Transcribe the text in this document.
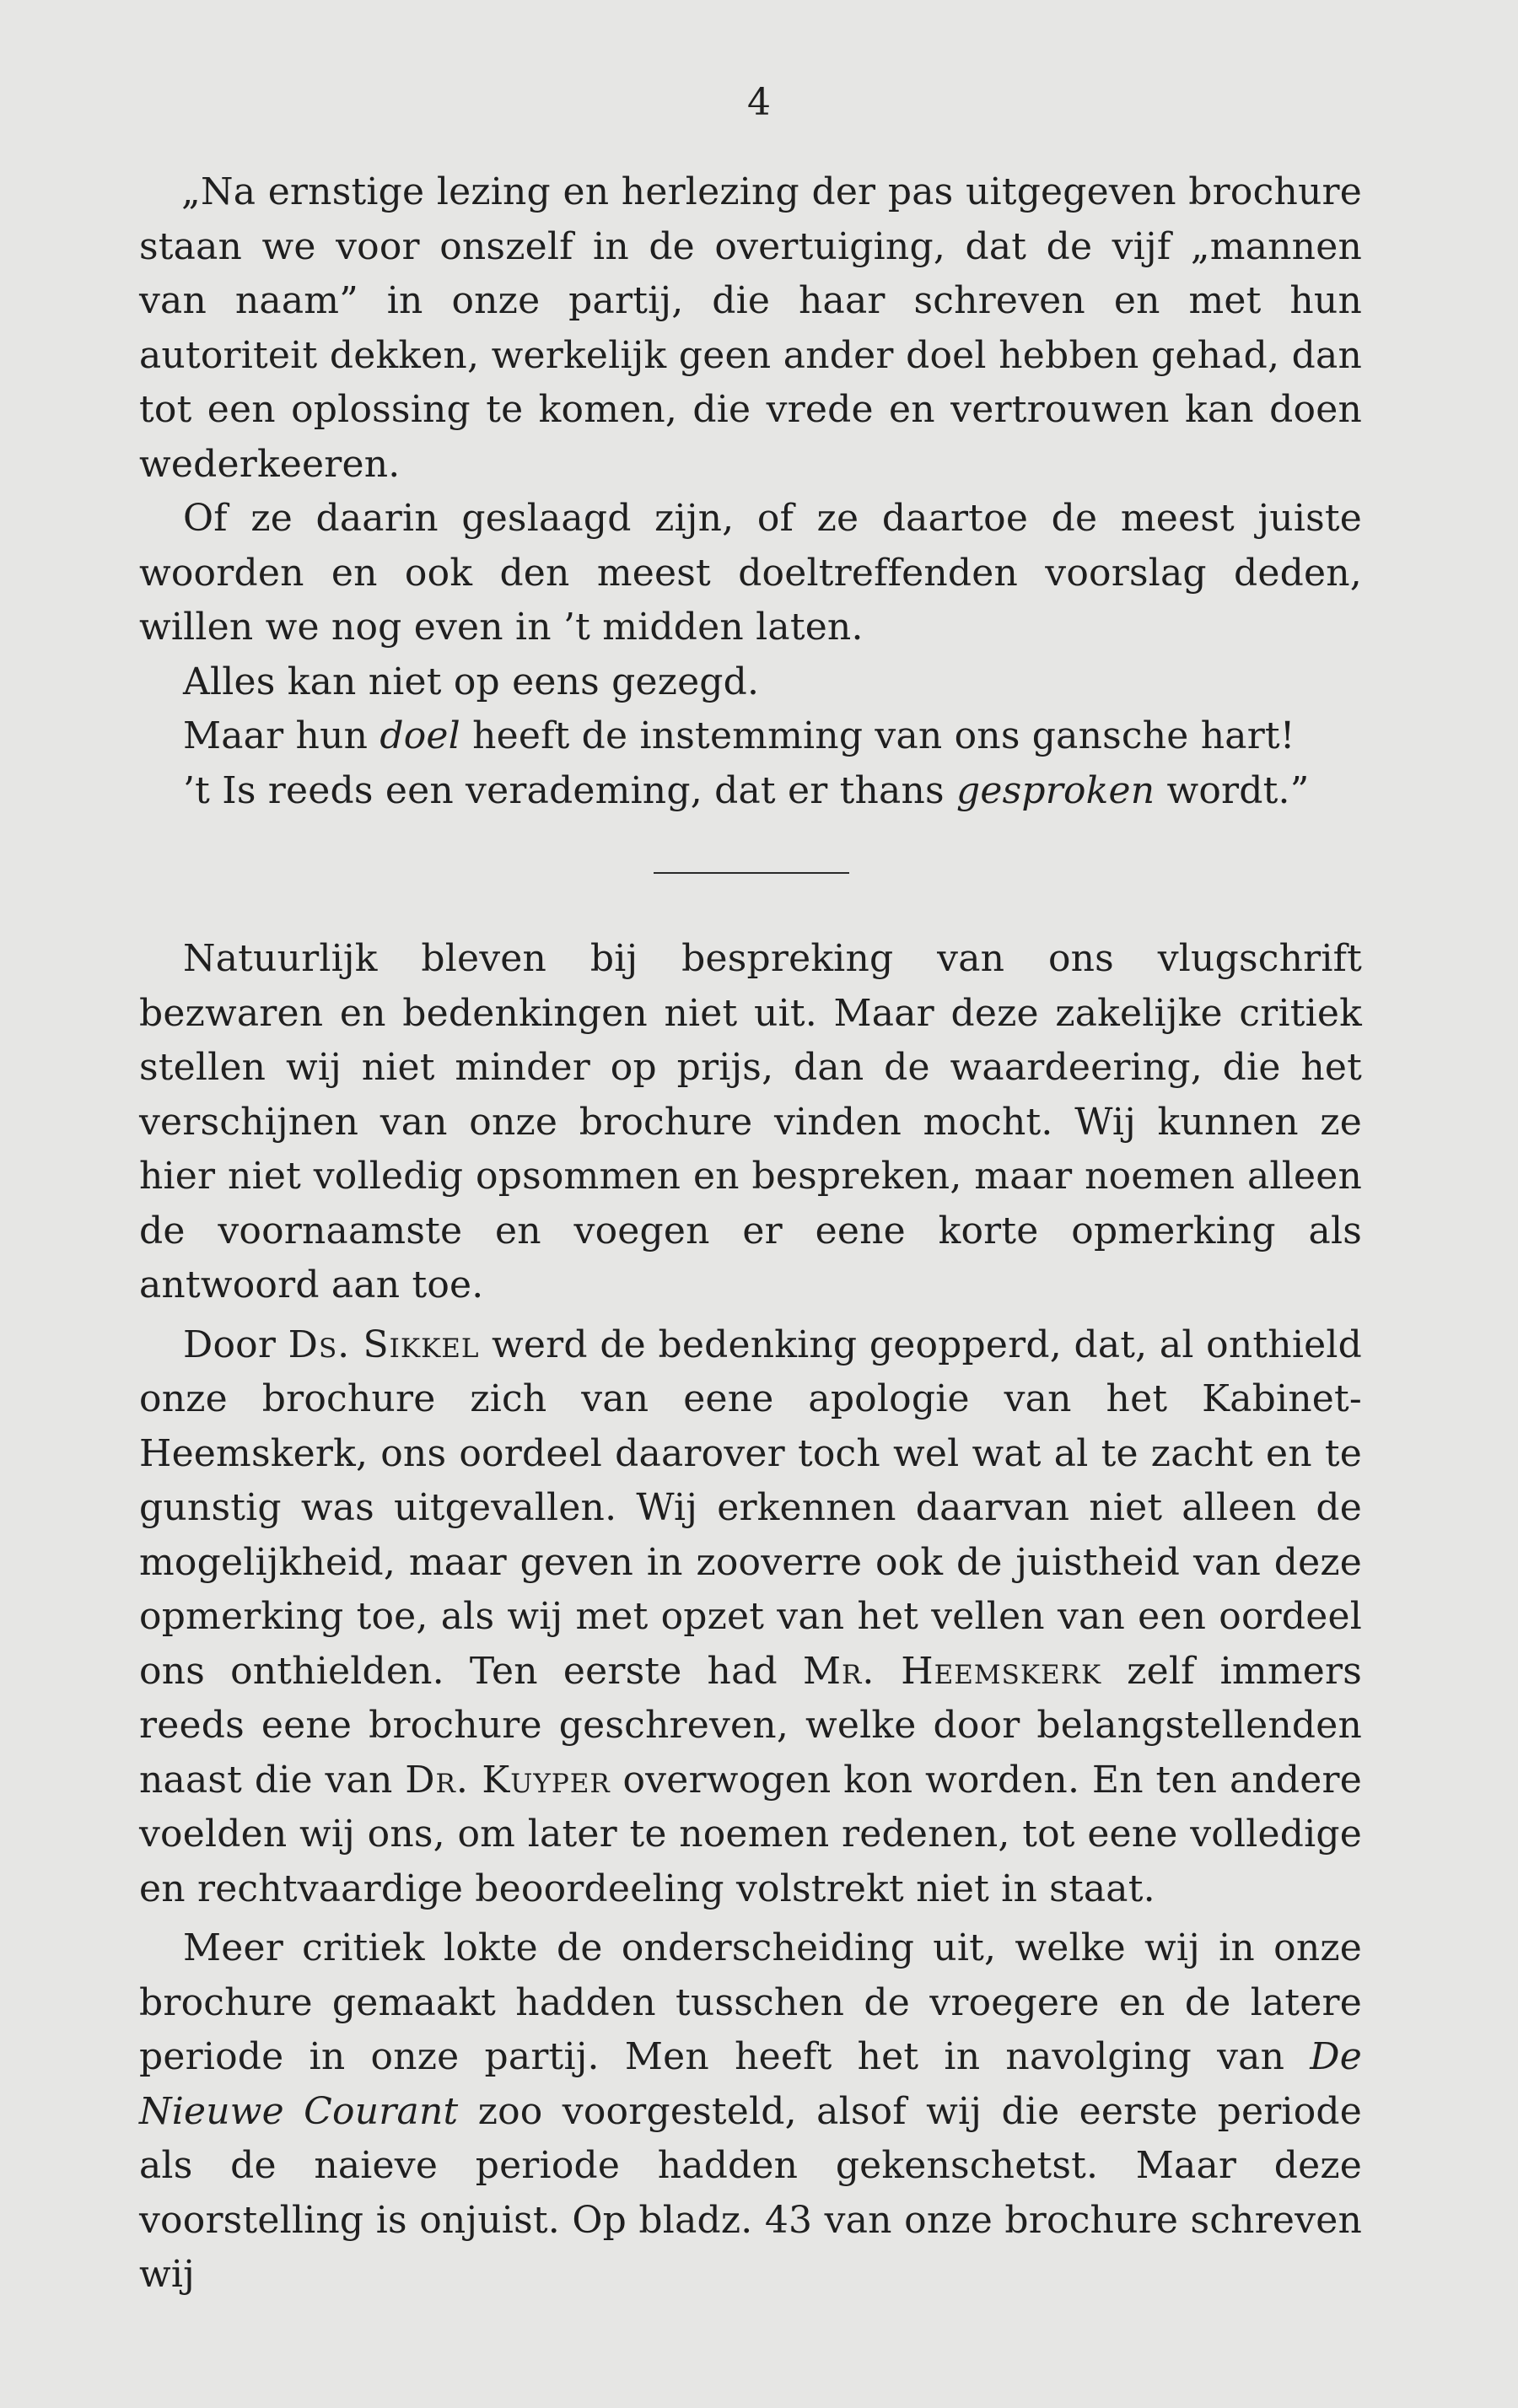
4

„Na ernstige lezing en herlezing der pas uitgegeven brochure staan we voor onszelf in de overtuiging, dat de vijf „mannen van naam” in onze partij, die haar schreven en met hun autoriteit dekken, werkelijk geen ander doel hebben gehad, dan tot een oplossing te komen, die vrede en vertrouwen kan doen wederkeeren.

Of ze daarin geslaagd zijn, of ze daartoe de meest juiste woorden en ook den meest doeltreffenden voorslag deden, willen we nog even in ’t midden laten.

Alles kan niet op eens gezegd.

Maar hun doel heeft de instemming van ons gansche hart!

’t Is reeds een verademing, dat er thans gesproken wordt.”

Natuurlijk bleven bij bespreking van ons vlugschrift bezwaren en bedenkingen niet uit. Maar deze zakelijke critiek stellen wij niet minder op prijs, dan de waardeering, die het verschijnen van onze brochure vinden mocht. Wij kunnen ze hier niet volledig opsommen en bespreken, maar noemen alleen de voornaamste en voegen er eene korte opmerking als antwoord aan toe.

Door Ds. Sikkel werd de bedenking geopperd, dat, al onthield onze brochure zich van eene apologie van het Kabinet-Heemskerk, ons oordeel daarover toch wel wat al te zacht en te gunstig was uitgevallen. Wij erkennen daarvan niet alleen de mogelijkheid, maar geven in zooverre ook de juistheid van deze opmerking toe, als wij met opzet van het vellen van een oordeel ons onthielden. Ten eerste had Mr. Heemskerk zelf immers reeds eene brochure geschreven, welke door belangstellenden naast die van Dr. Kuyper overwogen kon worden. En ten andere voelden wij ons, om later te noemen redenen, tot eene volledige en rechtvaardige beoordeeling volstrekt niet in staat.

Meer critiek lokte de onderscheiding uit, welke wij in onze brochure gemaakt hadden tusschen de vroegere en de latere periode in onze partij. Men heeft het in navolging van De Nieuwe Courant zoo voorgesteld, alsof wij die eerste periode als de naieve periode hadden gekenschetst. Maar deze voorstelling is onjuist. Op bladz. 43 van onze brochure schreven wij
